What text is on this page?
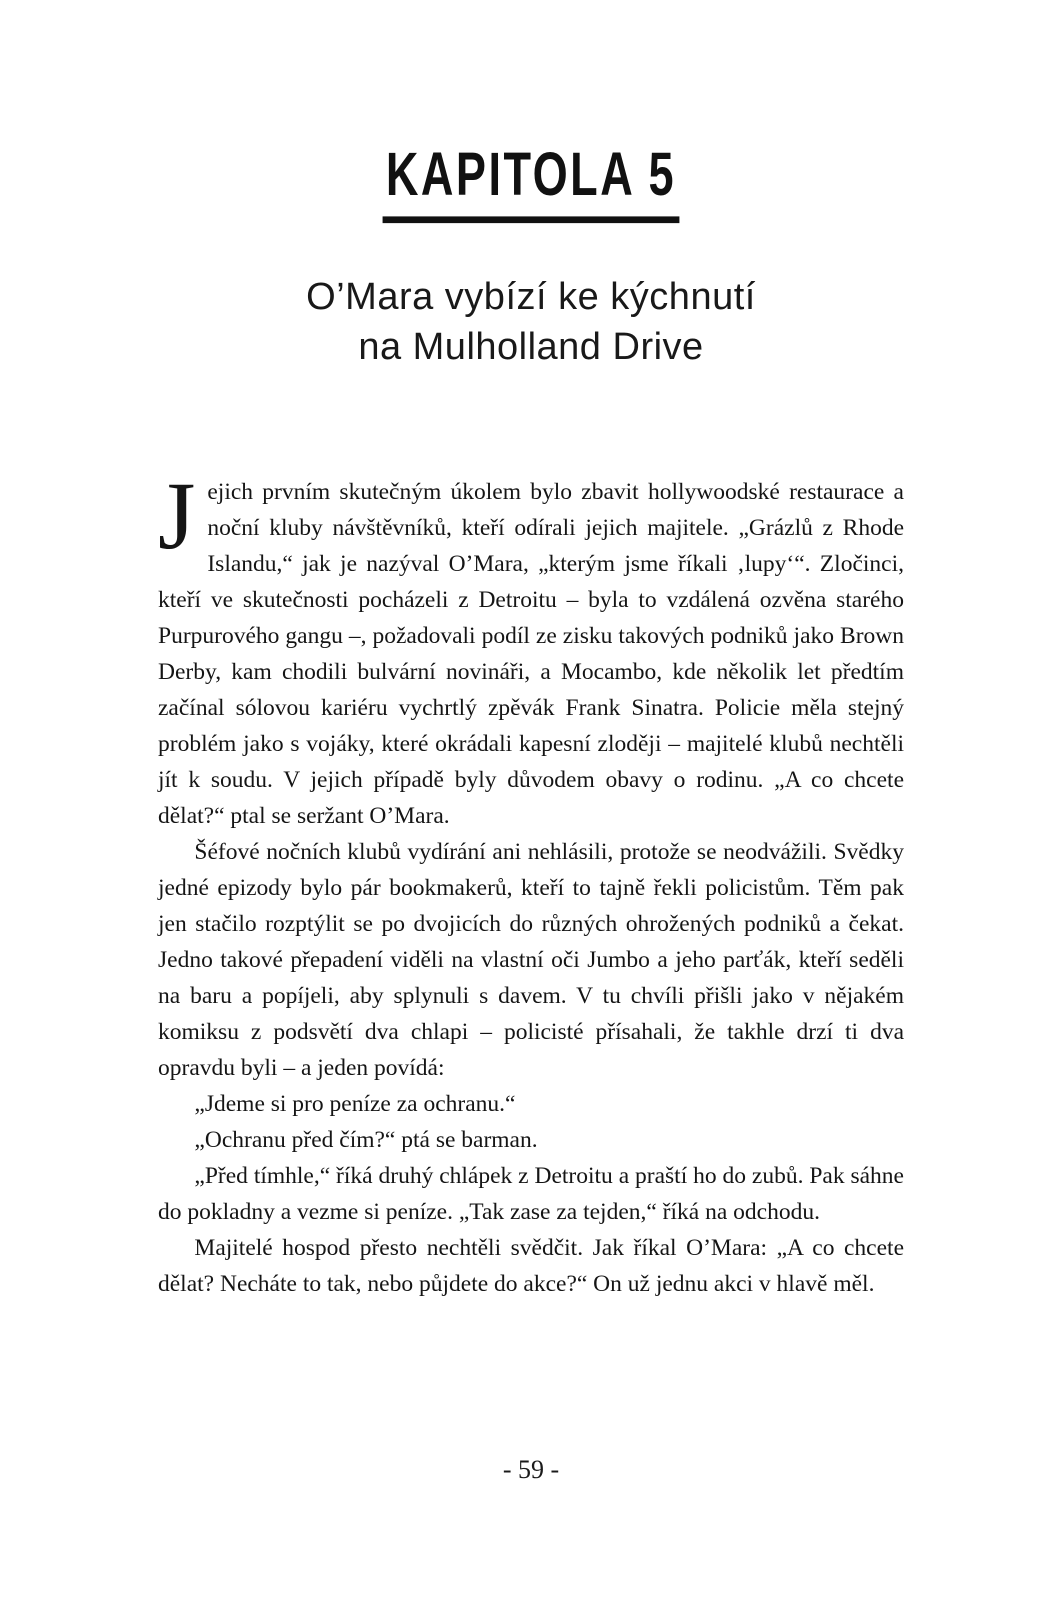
KAPITOLA 5
O’Mara vybízí ke kýchnutí
na Mulholland Drive

Jejich prvním skutečným úkolem bylo zbavit hollywoodské restaurace a noční kluby návštěvníků, kteří odírali jejich majitele. „Grázlů z Rhode Islandu,“ jak je nazýval O’Mara, „kterým jsme říkali ‚lupy‘“. Zločinci, kteří ve skutečnosti pocházeli z Detroitu – byla to vzdálená ozvěna starého Purpurového gangu –, požadovali podíl ze zisku takových podniků jako Brown Derby, kam chodili bulvární novináři, a Mocambo, kde několik let předtím začínal sólovou kariéru vychrtlý zpěvák Frank Sinatra. Policie měla stejný problém jako s vojáky, které okrádali kapesní zloději – majitelé klubů nechtěli jít k soudu. V jejich případě byly důvodem obavy o rodinu. „A co chcete dělat?“ ptal se seržant O’Mara.

Šéfové nočních klubů vydírání ani nehlásili, protože se neodvážili. Svědky jedné epizody bylo pár bookmakerů, kteří to tajně řekli policistům. Těm pak jen stačilo rozptýlit se po dvojicích do různých ohrožených podniků a čekat. Jedno takové přepadení viděli na vlastní oči Jumbo a jeho parťák, kteří seděli na baru a popíjeli, aby splynuli s davem. V tu chvíli přišli jako v nějakém komiksu z podsvětí dva chlapi – policisté přísahali, že takhle drzí ti dva opravdu byli – a jeden povídá:

„Jdeme si pro peníze za ochranu.“

„Ochranu před čím?“ ptá se barman.

„Před tímhle,“ říká druhý chlápek z Detroitu a praští ho do zubů. Pak sáhne do pokladny a vezme si peníze. „Tak zase za tejden,“ říká na odchodu.

Majitelé hospod přesto nechtěli svědčit. Jak říkal O’Mara: „A co chcete dělat? Necháte to tak, nebo půjdete do akce?“ On už jednu akci v hlavě měl.

- 59 -
